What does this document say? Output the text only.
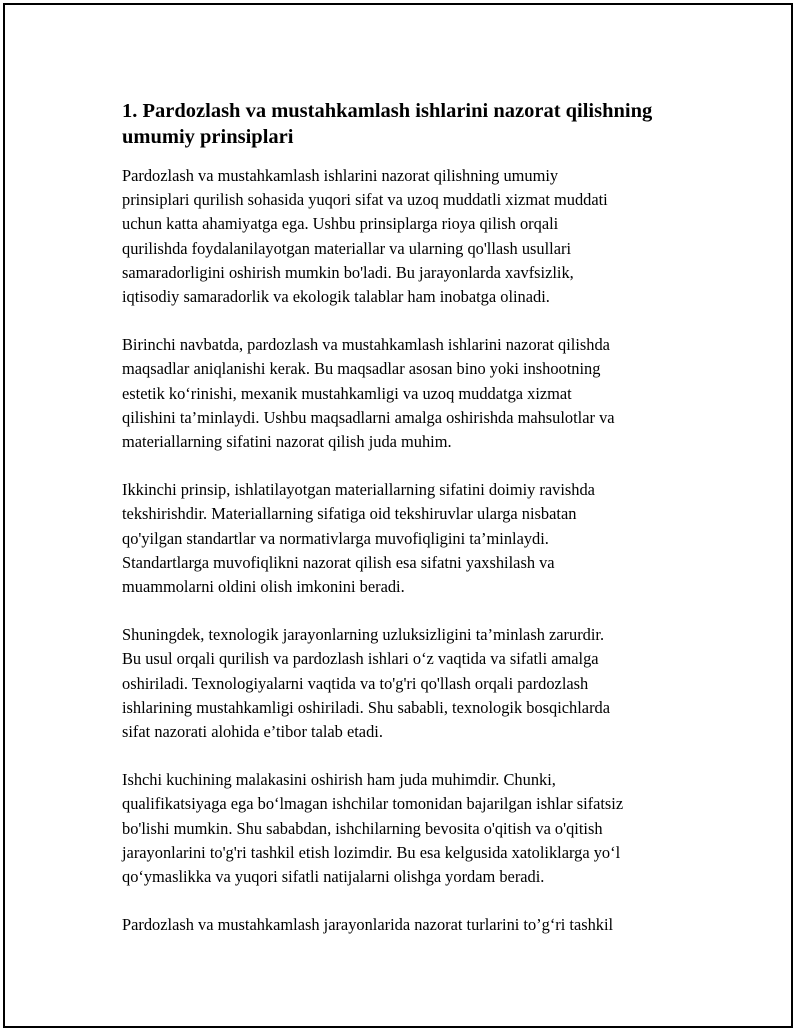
1. Pardozlash va mustahkamlash ishlarini nazorat qilishning
umumiy prinsiplari

Pardozlash va mustahkamlash ishlarini nazorat qilishning umumiy
prinsiplari qurilish sohasida yuqori sifat va uzoq muddatli xizmat muddati
uchun katta ahamiyatga ega. Ushbu prinsiplarga rioya qilish orqali
qurilishda foydalanilayotgan materiallar va ularning qo'llash usullari
samaradorligini oshirish mumkin bo'ladi. Bu jarayonlarda xavfsizlik,
iqtisodiy samaradorlik va ekologik talablar ham inobatga olinadi.

Birinchi navbatda, pardozlash va mustahkamlash ishlarini nazorat qilishda
maqsadlar aniqlanishi kerak. Bu maqsadlar asosan bino yoki inshootning
estetik ko‘rinishi, mexanik mustahkamligi va uzoq muddatga xizmat
qilishini ta’minlaydi. Ushbu maqsadlarni amalga oshirishda mahsulotlar va
materiallarning sifatini nazorat qilish juda muhim.

Ikkinchi prinsip, ishlatilayotgan materiallarning sifatini doimiy ravishda
tekshirishdir. Materiallarning sifatiga oid tekshiruvlar ularga nisbatan
qo'yilgan standartlar va normativlarga muvofiqligini ta’minlaydi.
Standartlarga muvofiqlikni nazorat qilish esa sifatni yaxshilash va
muammolarni oldini olish imkonini beradi.

Shuningdek, texnologik jarayonlarning uzluksizligini ta’minlash zarurdir.
Bu usul orqali qurilish va pardozlash ishlari o‘z vaqtida va sifatli amalga
oshiriladi. Texnologiyalarni vaqtida va to'g'ri qo'llash orqali pardozlash
ishlarining mustahkamligi oshiriladi. Shu sababli, texnologik bosqichlarda
sifat nazorati alohida e’tibor talab etadi.

Ishchi kuchining malakasini oshirish ham juda muhimdir. Chunki,
qualifikatsiyaga ega bo‘lmagan ishchilar tomonidan bajarilgan ishlar sifatsiz
bo'lishi mumkin. Shu sababdan, ishchilarning bevosita o'qitish va o'qitish
jarayonlarini to'g'ri tashkil etish lozimdir. Bu esa kelgusida xatoliklarga yo‘l
qo‘ymaslikka va yuqori sifatli natijalarni olishga yordam beradi.

Pardozlash va mustahkamlash jarayonlarida nazorat turlarini to’g‘ri tashkil
